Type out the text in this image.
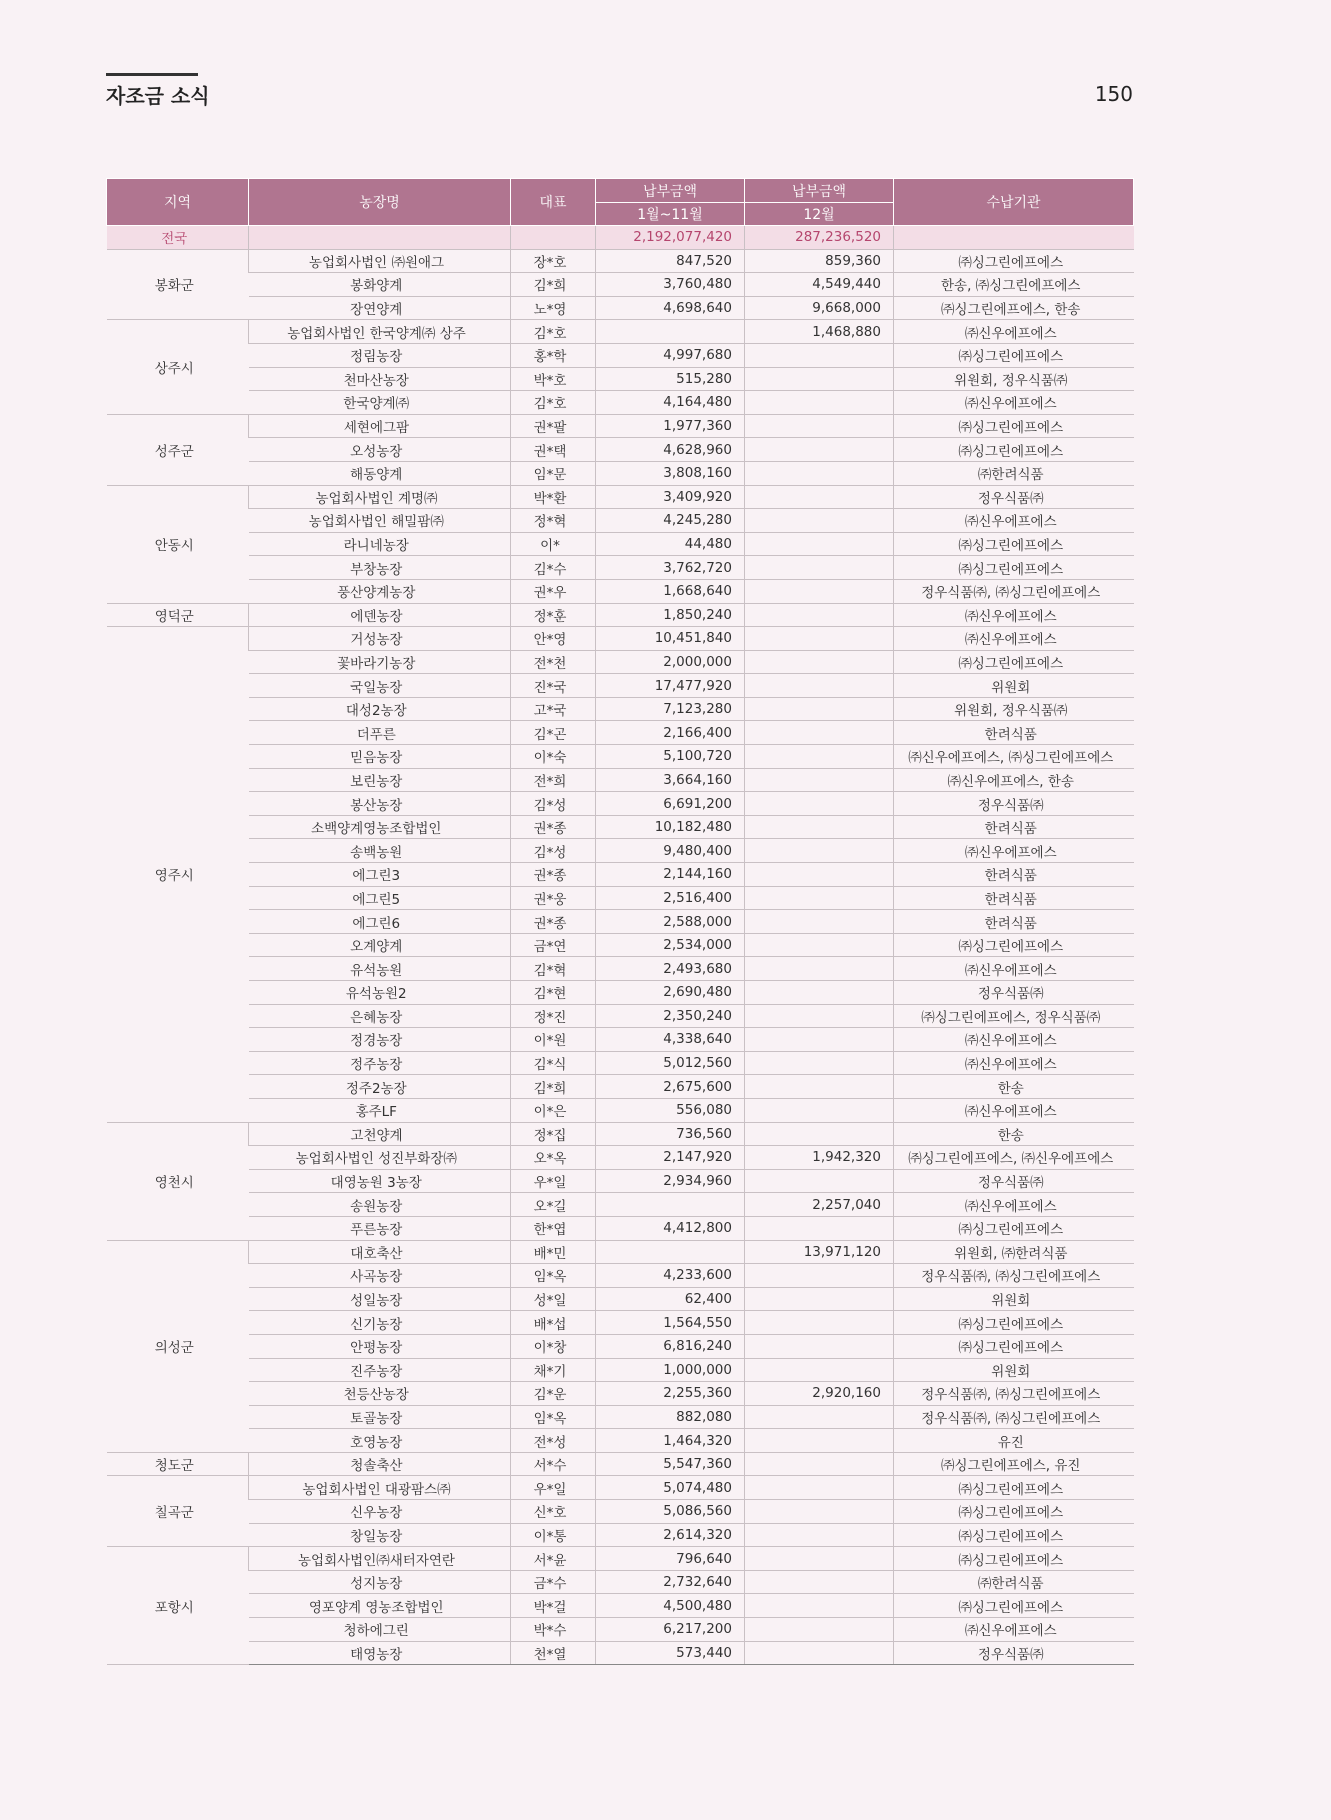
자조금 소식	150
지역	농장명	대표	납부금액	납부금액	수납기관
			1월~11월	12월	
전국			2,192,077,420	287,236,520	
봉화군	농업회사법인 ㈜원애그	장*호	847,520	859,360	㈜싱그린에프에스
	봉화양계	김*희	3,760,480	4,549,440	한송, ㈜싱그린에프에스
	장연양계	노*영	4,698,640	9,668,000	㈜싱그린에프에스, 한송
상주시	농업회사법인 한국양계㈜ 상주	김*호		1,468,880	㈜신우에프에스
	정림농장	홍*학	4,997,680		㈜싱그린에프에스
	천마산농장	박*호	515,280		위원회, 정우식품㈜
	한국양계㈜	김*호	4,164,480		㈜신우에프에스
성주군	세현에그팜	권*팔	1,977,360		㈜싱그린에프에스
	오성농장	권*택	4,628,960		㈜싱그린에프에스
	해동양계	임*문	3,808,160		㈜한려식품
안동시	농업회사법인 계명㈜	박*환	3,409,920		정우식품㈜
	농업회사법인 해밀팜㈜	정*혁	4,245,280		㈜신우에프에스
	라니네농장	이*	44,480		㈜싱그린에프에스
	부창농장	김*수	3,762,720		㈜싱그린에프에스
	풍산양계농장	권*우	1,668,640		정우식품㈜, ㈜싱그린에프에스
영덕군	에덴농장	정*훈	1,850,240		㈜신우에프에스
영주시	거성농장	안*영	10,451,840		㈜신우에프에스
	꽃바라기농장	전*천	2,000,000		㈜싱그린에프에스
	국일농장	진*국	17,477,920		위원회
	대성2농장	고*국	7,123,280		위원회, 정우식품㈜
	더푸른	김*곤	2,166,400		한려식품
	믿음농장	이*숙	5,100,720		㈜신우에프에스, ㈜싱그린에프에스
	보린농장	전*희	3,664,160		㈜신우에프에스, 한송
	봉산농장	김*성	6,691,200		정우식품㈜
	소백양계영농조합법인	권*종	10,182,480		한려식품
	송백농원	김*성	9,480,400		㈜신우에프에스
	에그린3	권*종	2,144,160		한려식품
	에그린5	권*웅	2,516,400		한려식품
	에그린6	권*종	2,588,000		한려식품
	오계양계	금*연	2,534,000		㈜싱그린에프에스
	유석농원	김*혁	2,493,680		㈜신우에프에스
	유석농원2	김*현	2,690,480		정우식품㈜
	은혜농장	정*진	2,350,240		㈜싱그린에프에스, 정우식품㈜
	정경농장	이*원	4,338,640		㈜신우에프에스
	정주농장	김*식	5,012,560		㈜신우에프에스
	정주2농장	김*희	2,675,600		한송
	홍주LF	이*은	556,080		㈜신우에프에스
영천시	고천양계	정*집	736,560		한송
	농업회사법인 성진부화장㈜	오*옥	2,147,920	1,942,320	㈜싱그린에프에스, ㈜신우에프에스
	대영농원 3농장	우*일	2,934,960		정우식품㈜
	송원농장	오*길		2,257,040	㈜신우에프에스
	푸른농장	한*엽	4,412,800		㈜싱그린에프에스
의성군	대호축산	배*민		13,971,120	위원회, ㈜한려식품
	사곡농장	임*옥	4,233,600		정우식품㈜, ㈜싱그린에프에스
	성일농장	성*일	62,400		위원회
	신기농장	배*섭	1,564,550		㈜싱그린에프에스
	안평농장	이*창	6,816,240		㈜싱그린에프에스
	진주농장	채*기	1,000,000		위원회
	천등산농장	김*운	2,255,360	2,920,160	정우식품㈜, ㈜싱그린에프에스
	토골농장	임*옥	882,080		정우식품㈜, ㈜싱그린에프에스
	호영농장	전*성	1,464,320		유진
청도군	청솔축산	서*수	5,547,360		㈜싱그린에프에스, 유진
칠곡군	농업회사법인 대광팜스㈜	우*일	5,074,480		㈜싱그린에프에스
	신우농장	신*호	5,086,560		㈜싱그린에프에스
	창일농장	이*통	2,614,320		㈜싱그린에프에스
포항시	농업회사법인㈜새터자연란	서*윤	796,640		㈜싱그린에프에스
	성지농장	금*수	2,732,640		㈜한려식품
	영포양계 영농조합법인	박*걸	4,500,480		㈜싱그린에프에스
	청하에그린	박*수	6,217,200		㈜신우에프에스
	태영농장	천*열	573,440		정우식품㈜
